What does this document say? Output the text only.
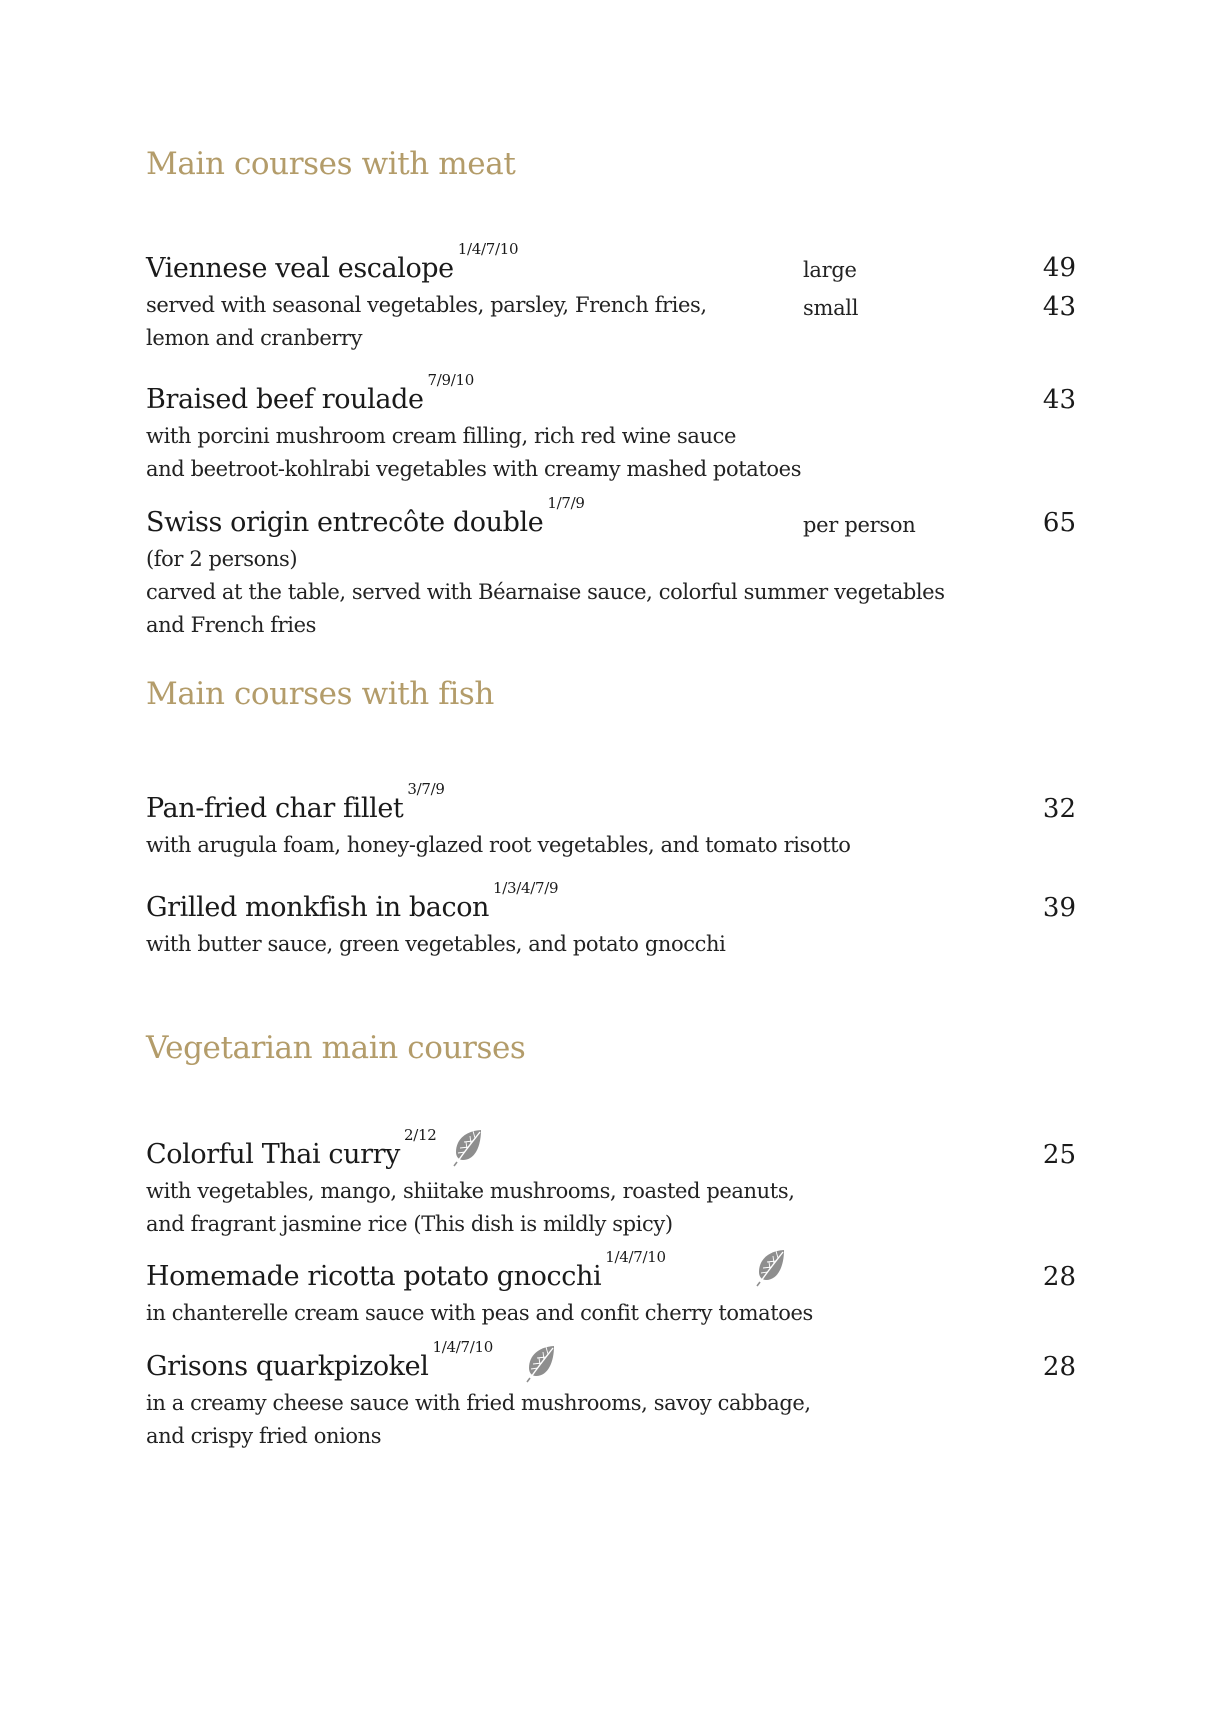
Main courses with meat
Viennese veal escalope1/4/7/10
large	49
small	43
served with seasonal vegetables, parsley, French fries,
lemon and cranberry
Braised beef roulade7/9/10
43
with porcini mushroom cream filling, rich red wine sauce
and beetroot-kohlrabi vegetables with creamy mashed potatoes
Swiss origin entrecôte double1/7/9
per person	65
(for 2 persons)
carved at the table, served with Béarnaise sauce, colorful summer vegetables
and French fries
Main courses with fish
Pan-fried char fillet3/7/9
32
with arugula foam, honey-glazed root vegetables, and tomato risotto
Grilled monkfish in bacon1/3/4/7/9
39
with butter sauce, green vegetables, and potato gnocchi
Vegetarian main courses
Colorful Thai curry2/12
25
with vegetables, mango, shiitake mushrooms, roasted peanuts,
and fragrant jasmine rice (This dish is mildly spicy)
Homemade ricotta potato gnocchi1/4/7/10
28
in chanterelle cream sauce with peas and confit cherry tomatoes
Grisons quarkpizokel1/4/7/10
28
in a creamy cheese sauce with fried mushrooms, savoy cabbage,
and crispy fried onions
